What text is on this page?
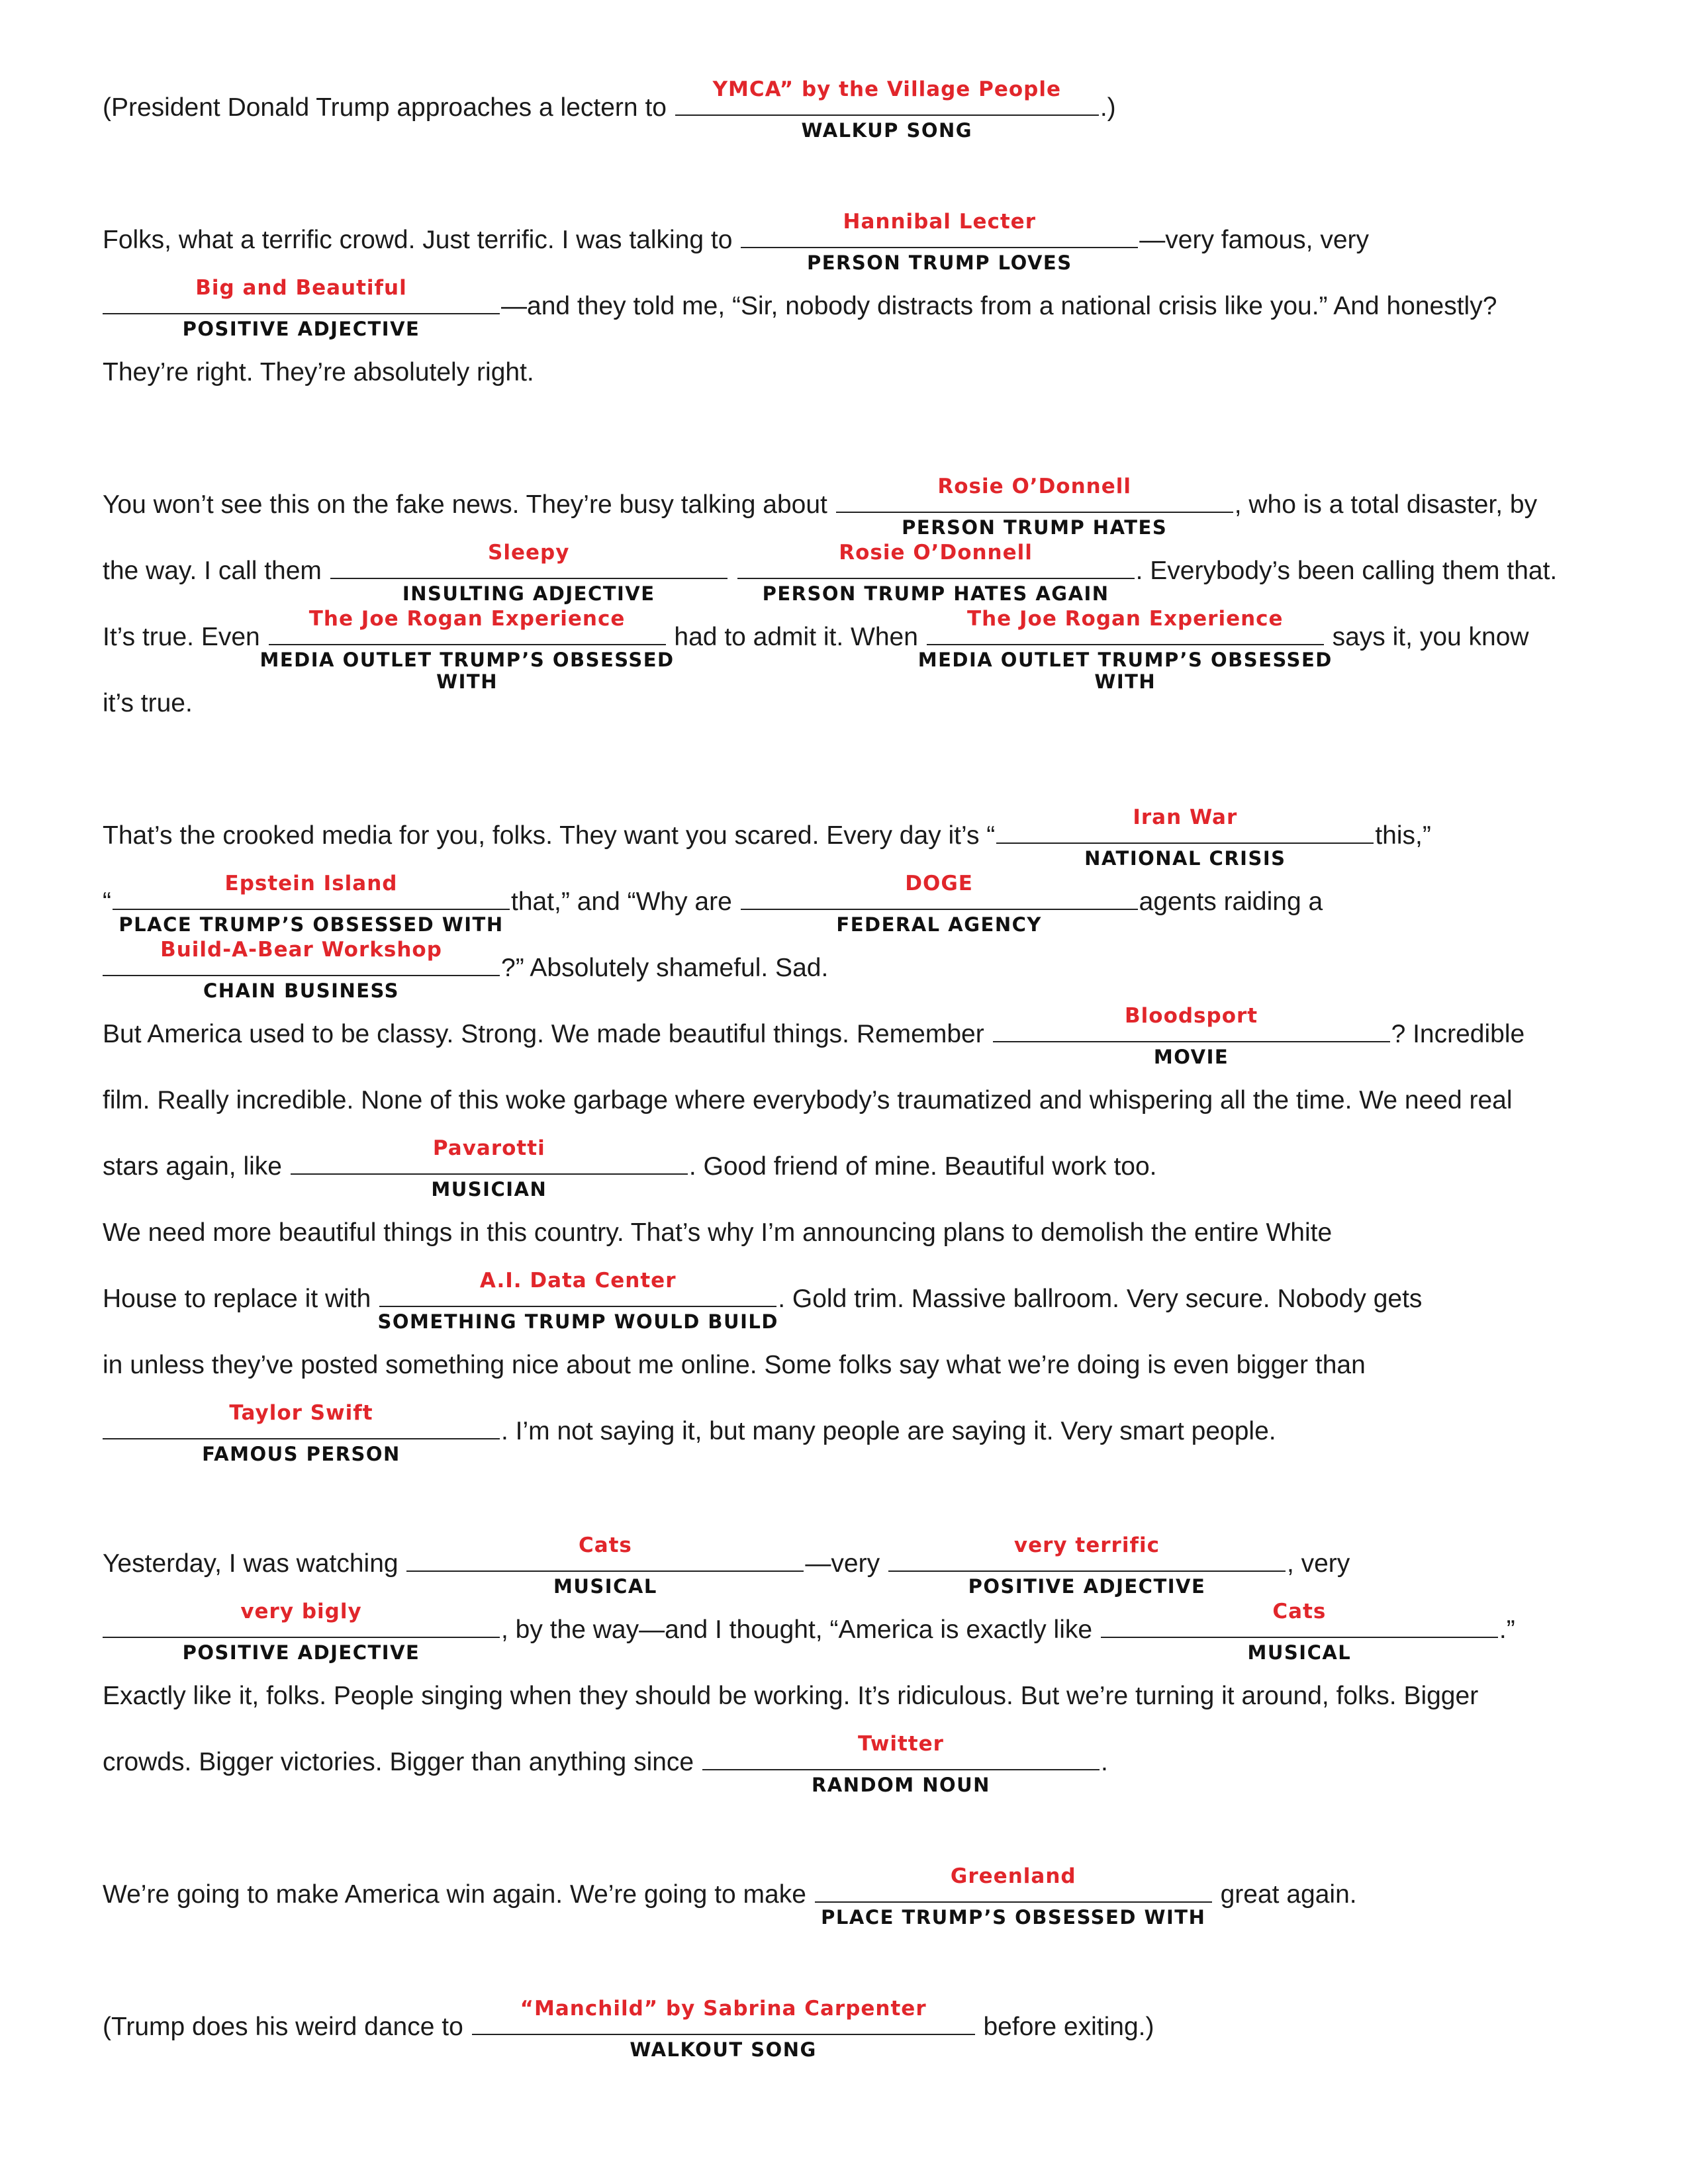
(President Donald Trump approaches a lectern to
YMCA” by the Village People
WALKUP SONG
.)
Folks, what a terrific crowd. Just terrific. I was talking to
Hannibal Lecter
PERSON TRUMP LOVES
—very famous, very
Big and Beautiful
POSITIVE ADJECTIVE
—and they told me, “Sir, nobody distracts from a national crisis like you.” And honestly?
They’re right. They’re absolutely right.
You won’t see this on the fake news. They’re busy talking about
Rosie O’Donnell
PERSON TRUMP HATES
, who is a total disaster, by
the way. I call them
Sleepy
INSULTING ADJECTIVE

Rosie O’Donnell
PERSON TRUMP HATES AGAIN
. Everybody’s been calling them that.
It’s true. Even
The Joe Rogan Experience
MEDIA OUTLET TRUMP’S OBSESSED WITH
had to admit it. When
The Joe Rogan Experience
MEDIA OUTLET TRUMP’S OBSESSED WITH
says it, you know
it’s true.
That’s the crooked media for you, folks. They want you scared. Every day it’s “
Iran War
NATIONAL CRISIS
this,”
“
Epstein Island
PLACE TRUMP’S OBSESSED WITH
that,” and “Why are
DOGE
FEDERAL AGENCY
agents raiding a
Build-A-Bear Workshop
CHAIN BUSINESS
?” Absolutely shameful. Sad.
But America used to be classy. Strong. We made beautiful things. Remember
Bloodsport
MOVIE
? Incredible
film. Really incredible. None of this woke garbage where everybody’s traumatized and whispering all the time. We need real
stars again, like
Pavarotti
MUSICIAN
. Good friend of mine. Beautiful work too.
We need more beautiful things in this country. That’s why I’m announcing plans to demolish the entire White
House to replace it with
A.I. Data Center
SOMETHING TRUMP WOULD BUILD
. Gold trim. Massive ballroom. Very secure. Nobody gets
in unless they’ve posted something nice about me online. Some folks say what we’re doing is even bigger than
Taylor Swift
FAMOUS PERSON
. I’m not saying it, but many people are saying it. Very smart people.
Yesterday, I was watching
Cats
MUSICAL
—very
very terrific
POSITIVE ADJECTIVE
, very
very bigly
POSITIVE ADJECTIVE
, by the way—and I thought, “America is exactly like
Cats
MUSICAL
.”
Exactly like it, folks. People singing when they should be working. It’s ridiculous. But we’re turning it around, folks. Bigger
crowds. Bigger victories. Bigger than anything since
Twitter
RANDOM NOUN
.
We’re going to make America win again. We’re going to make
Greenland
PLACE TRUMP’S OBSESSED WITH
great again.
(Trump does his weird dance to
“Manchild” by Sabrina Carpenter
WALKOUT SONG
before exiting.)
